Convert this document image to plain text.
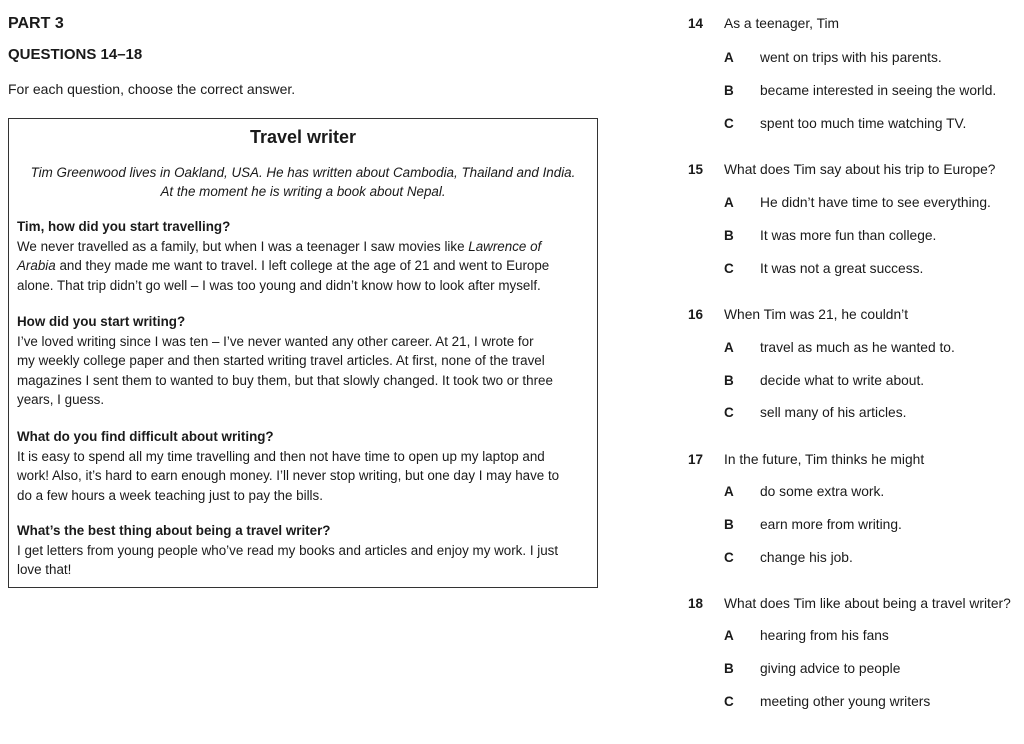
PART 3
QUESTIONS 14–18
For each question, choose the correct answer.
Travel writer
Tim Greenwood lives in Oakland, USA. He has written about Cambodia, Thailand and India.
At the moment he is writing a book about Nepal.
Tim, how did you start travelling?

We never travelled as a family, but when I was a teenager I saw movies like Lawrence of

Arabia and they made me want to travel. I left college at the age of 21 and went to Europe

alone. That trip didn’t go well – I was too young and didn’t know how to look after myself.

How did you start writing?

I’ve loved writing since I was ten – I’ve never wanted any other career. At 21, I wrote for

my weekly college paper and then started writing travel articles. At first, none of the travel

magazines I sent them to wanted to buy them, but that slowly changed. It took two or three

years, I guess.

What do you find difficult about writing?

It is easy to spend all my time travelling and then not have time to open up my laptop and

work! Also, it’s hard to earn enough money. I’ll never stop writing, but one day I may have to

do a few hours a week teaching just to pay the bills.

What’s the best thing about being a travel writer?

I get letters from young people who’ve read my books and articles and enjoy my work. I just

love that!

14 As a teenager, Tim
A went on trips with his parents.
B became interested in seeing the world.
C spent too much time watching TV.
15 What does Tim say about his trip to Europe?
A He didn’t have time to see everything.
B It was more fun than college.
C It was not a great success.
16 When Tim was 21, he couldn’t
A travel as much as he wanted to.
B decide what to write about.
C sell many of his articles.
17 In the future, Tim thinks he might
A do some extra work.
B earn more from writing.
C change his job.
18 What does Tim like about being a travel writer?
A hearing from his fans
B giving advice to people
C meeting other young writers
